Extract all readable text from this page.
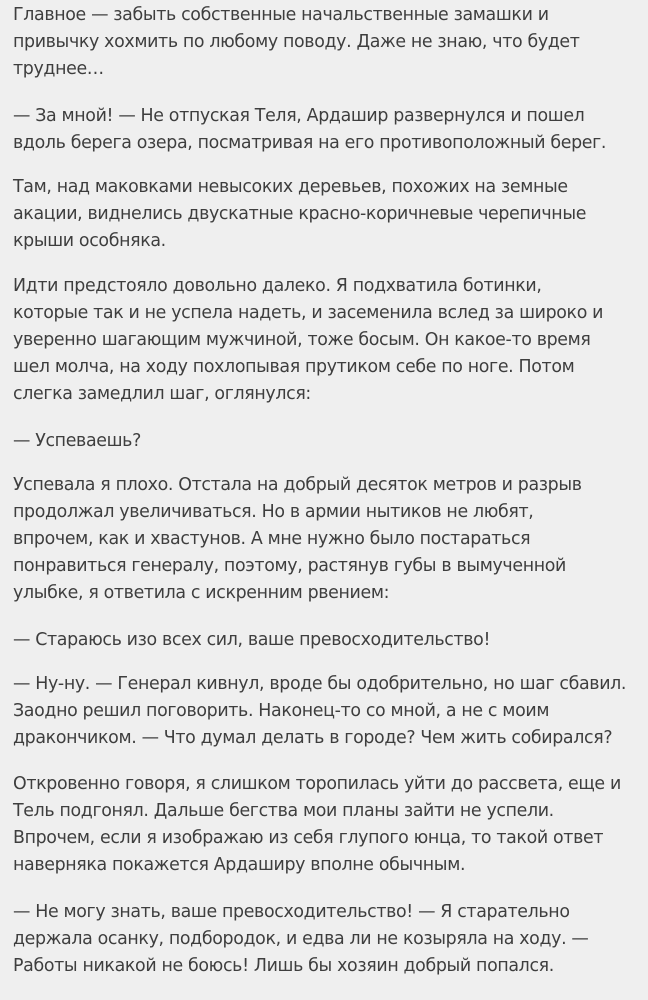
Главное — забыть собственные начальственные замашки и
привычку хохмить по любому поводу. Даже не знаю, что будет
труднее…

— За мной! — Не отпуская Теля, Ардашир развернулся и пошел
вдоль берега озера, посматривая на его противоположный берег.

Там, над маковками невысоких деревьев, похожих на земные
акации, виднелись двускатные красно-коричневые черепичные
крыши особняка.

Идти предстояло довольно далеко. Я подхватила ботинки,
которые так и не успела надеть, и засеменила вслед за широко и
уверенно шагающим мужчиной, тоже босым. Он какое-то время
шел молча, на ходу похлопывая прутиком себе по ноге. Потом
слегка замедлил шаг, оглянулся:

— Успеваешь?

Успевала я плохо. Отстала на добрый десяток метров и разрыв
продолжал увеличиваться. Но в армии нытиков не любят,
впрочем, как и хвастунов. А мне нужно было постараться
понравиться генералу, поэтому, растянув губы в вымученной
улыбке, я ответила с искренним рвением:

— Стараюсь изо всех сил, ваше превосходительство!

— Ну-ну. — Генерал кивнул, вроде бы одобрительно, но шаг сбавил.
Заодно решил поговорить. Наконец-то со мной, а не с моим
дракончиком. — Что думал делать в городе? Чем жить собирался?

Откровенно говоря, я слишком торопилась уйти до рассвета, еще и
Тель подгонял. Дальше бегства мои планы зайти не успели.
Впрочем, если я изображаю из себя глупого юнца, то такой ответ
наверняка покажется Ардаширу вполне обычным.

— Не могу знать, ваше превосходительство! — Я старательно
держала осанку, подбородок, и едва ли не козыряла на ходу. —
Работы никакой не боюсь! Лишь бы хозяин добрый попался.
